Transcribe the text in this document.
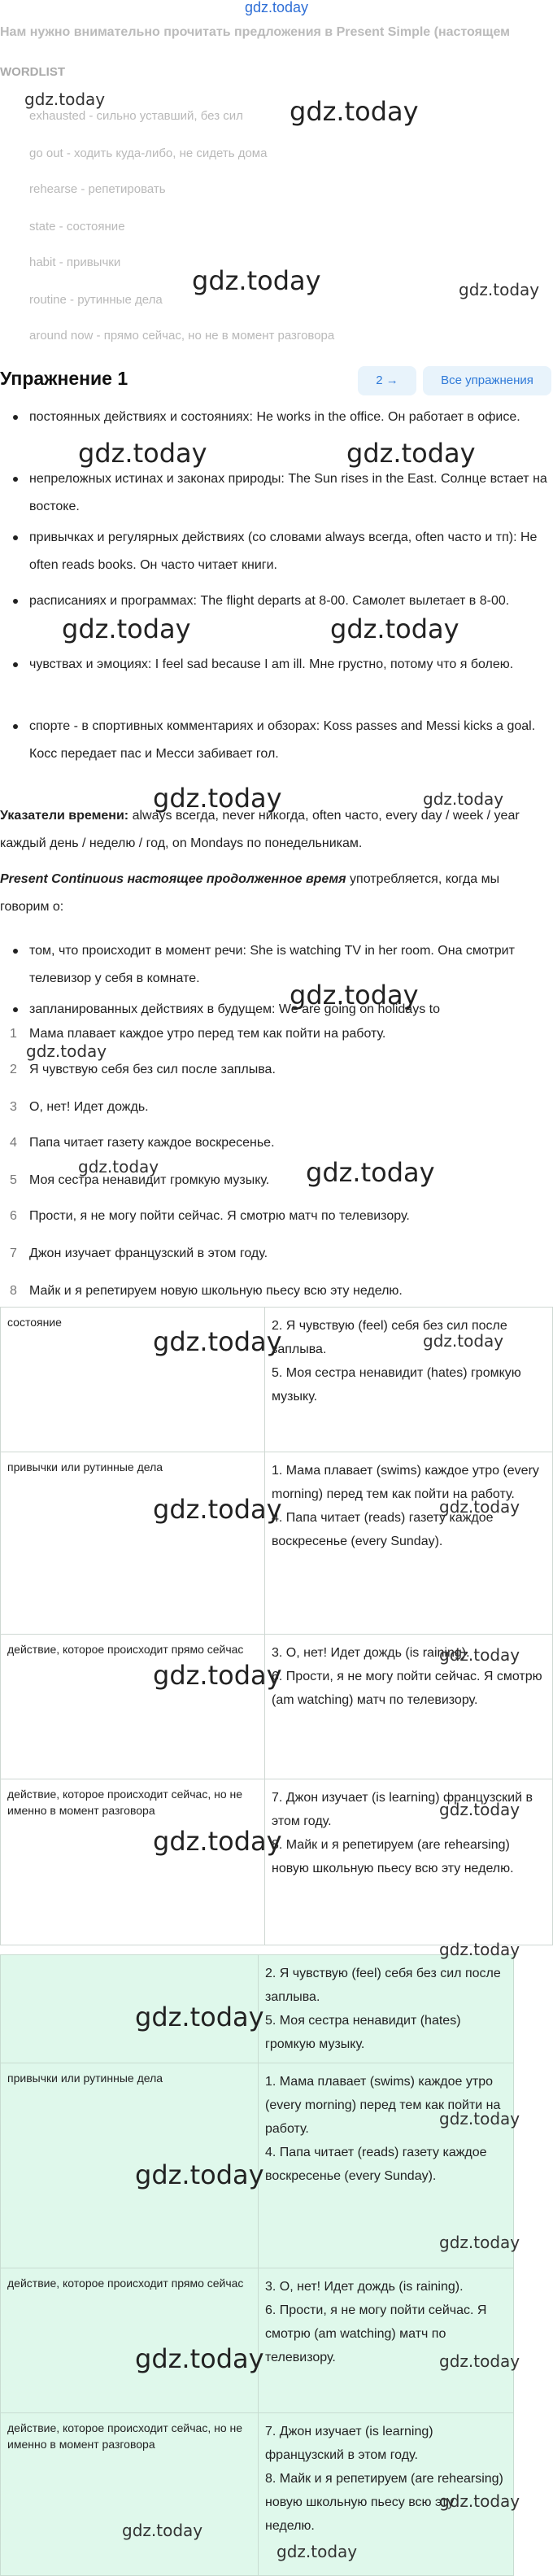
gdz.today
Нам нужно внимательно прочитать предложения в Present Simple (настоящем
WORDLIST
exhausted - сильно уставший, без сил
go out - ходить куда-либо, не сидеть дома
rehearse - репетировать
state - состояние
habit - привычки
routine - рутинные дела
around now - прямо сейчас, но не в момент разговора
Упражнение 1	2 →	Все упражнения
постоянных действиях и состояниях: He works in the office. Он работает в офисе.
непреложных истинах и законах природы: The Sun rises in the East. Солнце встает на востоке.
привычках и регулярных действиях (со словами always всегда, often часто и тп): He often reads books. Он часто читает книги.
расписаниях и программах: The flight departs at 8-00. Самолет вылетает в 8-00.
чувствах и эмоциях: I feel sad because I am ill. Мне грустно, потому что я болею.
спорте - в спортивных комментариях и обзорах: Koss passes and Messi kicks a goal. Косс передает пас и Месси забивает гол.
Указатели времени: always всегда, never никогда, often часто, every day / week / year каждый день / неделю / год, on Mondays по понедельникам.
Present Continuous настоящее продолженное время употребляется, когда мы говорим о:
том, что происходит в момент речи: She is watching TV in her room. Она смотрит телевизор у себя в комнате.
запланированных действиях в будущем: We are going on holidays to
1 Мама плавает каждое утро перед тем как пойти на работу.
2 Я чувствую себя без сил после заплыва.
3 О, нет! Идет дождь.
4 Папа читает газету каждое воскресенье.
5 Моя сестра ненавидит громкую музыку.
6 Прости, я не могу пойти сейчас. Я смотрю матч по телевизору.
7 Джон изучает французский в этом году.
8 Майк и я репетируем новую школьную пьесу всю эту неделю.
состояние	2. Я чувствую (feel) себя без сил после заплыва.
5. Моя сестра ненавидит (hates) громкую музыку.

привычки или рутинные дела	1. Мама плавает (swims) каждое утро (every morning) перед тем как пойти на работу.
4. Папа читает (reads) газету каждое воскресенье (every Sunday).

действие, которое происходит прямо сейчас	3. О, нет! Идет дождь (is raining).
6. Прости, я не могу пойти сейчас. Я смотрю (am watching) матч по телевизору.

действие, которое происходит сейчас, но не именно в момент разговора	7. Джон изучает (is learning) французский в этом году.
8. Майк и я репетируем (are rehearsing) новую школьную пьесу всю эту неделю.

	2. Я чувствую (feel) себя без сил после заплыва.
5. Моя сестра ненавидит (hates) громкую музыку.

привычки или рутинные дела	1. Мама плавает (swims) каждое утро (every morning) перед тем как пойти на работу.
4. Папа читает (reads) газету каждое воскресенье (every Sunday).

действие, которое происходит прямо сейчас	3. О, нет! Идет дождь (is raining).
6. Прости, я не могу пойти сейчас. Я смотрю (am watching) матч по телевизору.

действие, которое происходит сейчас, но не именно в момент разговора	7. Джон изучает (is learning) французский в этом году.
8. Майк и я репетируем (are rehearsing) новую школьную пьесу всю эту неделю.
gdz.today	gdz.today
gdz.today	gdz.today
gdz.today	gdz.today
gdz.today	gdz.today
gdz.today	gdz.today
gdz.today
gdz.today
gdz.today	gdz.today
gdz.today	gdz.today
gdz.today	gdz.today
gdz.today
gdz.today
gdz.today
gdz.today
gdz.today
gdz.today
gdz.today
gdz.today
gdz.today
gdz.today	gdz.today
gdz.today
gdz.today
gdz.today
